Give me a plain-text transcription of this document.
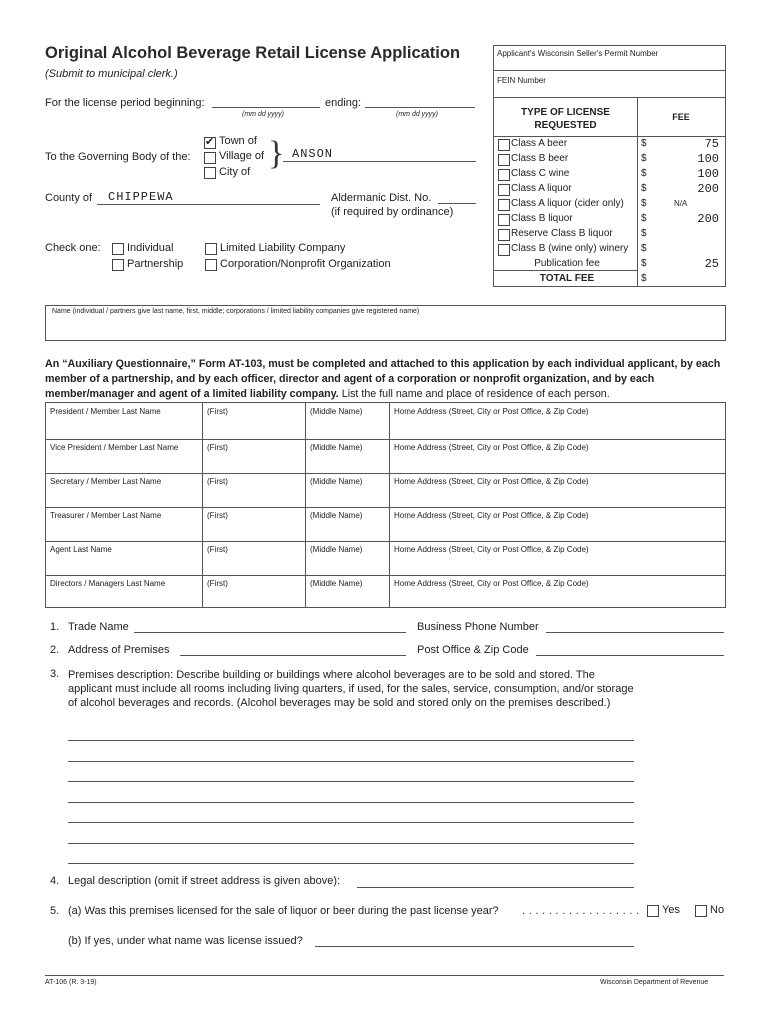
Original Alcohol Beverage Retail License Application
(Submit to municipal clerk.)
For the license period beginning:
(mm dd yyyy)
ending:
(mm dd yyyy)
To the Governing Body of the:
✔
Town of
Village of
City of } ANSON
County of CHIPPEWA	Aldermanic Dist. No.
(if required by ordinance)
Check one: Individual
Partnership
Limited Liability Company
Corporation/Nonprofit Organization
Applicant's Wisconsin Seller's Permit Number
FEIN Number
TYPE OF LICENSE
REQUESTED
FEE
Class A beer	$	75
Class B beer	$	100
Class C wine	$	100
Class A liquor	$	200
Class A liquor (cider only) $	N/A
Class B liquor	$	200
Reserve Class B liquor	$
Class B (wine only) winery $
Publication fee	$	25
TOTAL FEE	$
Name (individual / partners give last name, first, middle; corporations / limited liability companies give registered name)
An “Auxiliary Questionnaire,” Form AT-103, must be completed and attached to this application by each individual applicant, by each member of a partnership, and by each officer, director and agent of a corporation or nonprofit organization, and by each member/manager and agent of a limited liability company. List the full name and place of residence of each person.
President / Member Last Name	(First)	(Middle Name)	Home Address (Street, City or Post Office, & Zip Code)
Vice President / Member Last Name	(First)	(Middle Name)	Home Address (Street, City or Post Office, & Zip Code)
Secretary / Member Last Name	(First)	(Middle Name)	Home Address (Street, City or Post Office, & Zip Code)
Treasurer / Member Last Name	(First)	(Middle Name)	Home Address (Street, City or Post Office, & Zip Code)
Agent Last Name	(First)	(Middle Name)	Home Address (Street, City or Post Office, & Zip Code)
Directors / Managers Last Name	(First)	(Middle Name)	Home Address (Street, City or Post Office, & Zip Code)
1. Trade Name	Business Phone Number
2. Address of Premises	Post Office & Zip Code
3. Premises description: Describe building or buildings where alcohol beverages are to be sold and stored. The applicant must include all rooms including living quarters, if used, for the sales, service, consumption, and/or storage of alcohol beverages and records. (Alcohol beverages may be sold and stored only on the premises described.)
4. Legal description (omit if street address is given above):
5. (a) Was this premises licensed for the sale of liquor or beer during the past license year? . . . . . . . . . . . . . . . . . . Yes	No
(b) If yes, under what name was license issued?
AT-106 (R. 3-19)	Wisconsin Department of Revenue
